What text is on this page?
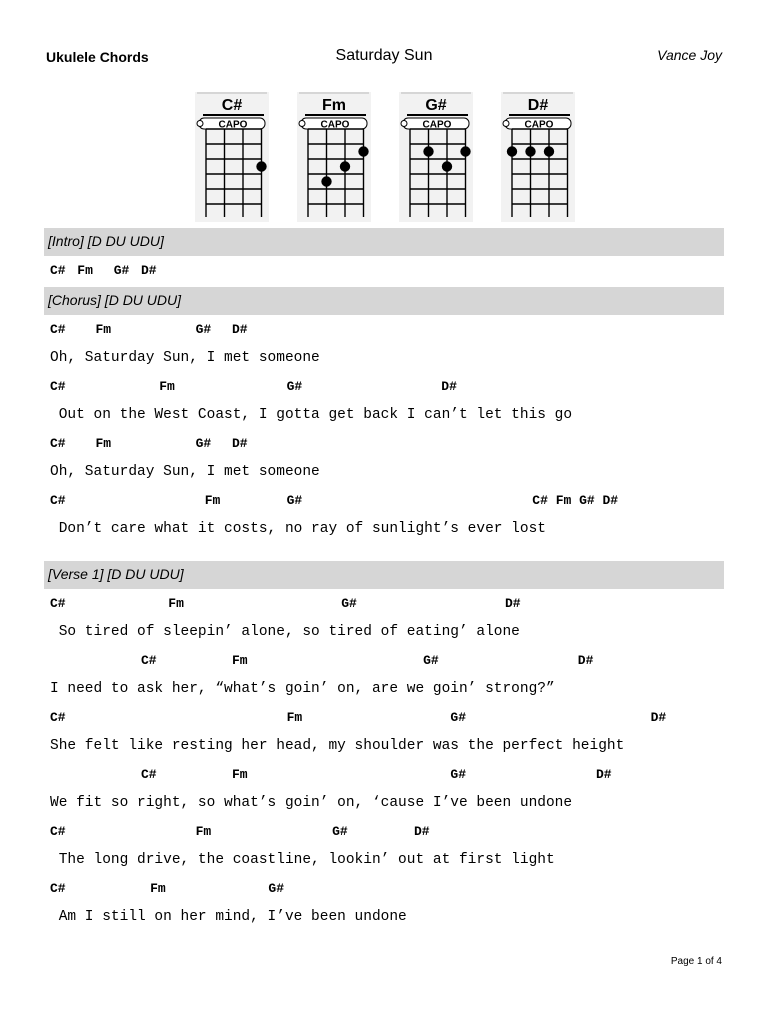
Ukulele Chords	Saturday Sun	Vance Joy
C#
CAPO
Fm
CAPO
G#
CAPO
D#
CAPO
[Intro] [D DU UDU]
[Chorus] [D DU UDU]
[Verse 1] [D DU UDU]
C# Fm G# D#
C# Fm	G# D#
Oh, Saturday Sun, I met someone
C#	Fm	G#	D#
Out on the West Coast, I gotta get back I can’t let this go
C# Fm	G# D#
Oh, Saturday Sun, I met someone
C#	Fm	G#	C# Fm G# D#
Don’t care what it costs, no ray of sunlight’s ever lost
C#	Fm	G#	D#
So tired of sleepin’ alone, so tired of eating’ alone
C#	Fm	G#	D#
I need to ask her, “what’s goin’ on, are we goin’ strong?”
C#	Fm	G#	D#
She felt like resting her head, my shoulder was the perfect height
C#	Fm	G#	D#
We fit so right, so what’s goin’ on, ‘cause I’ve been undone
C#	Fm	G#	D#
The long drive, the coastline, lookin’ out at first light
C#	Fm	G#
Am I still on her mind, I’ve been undone
Page 1 of 4
